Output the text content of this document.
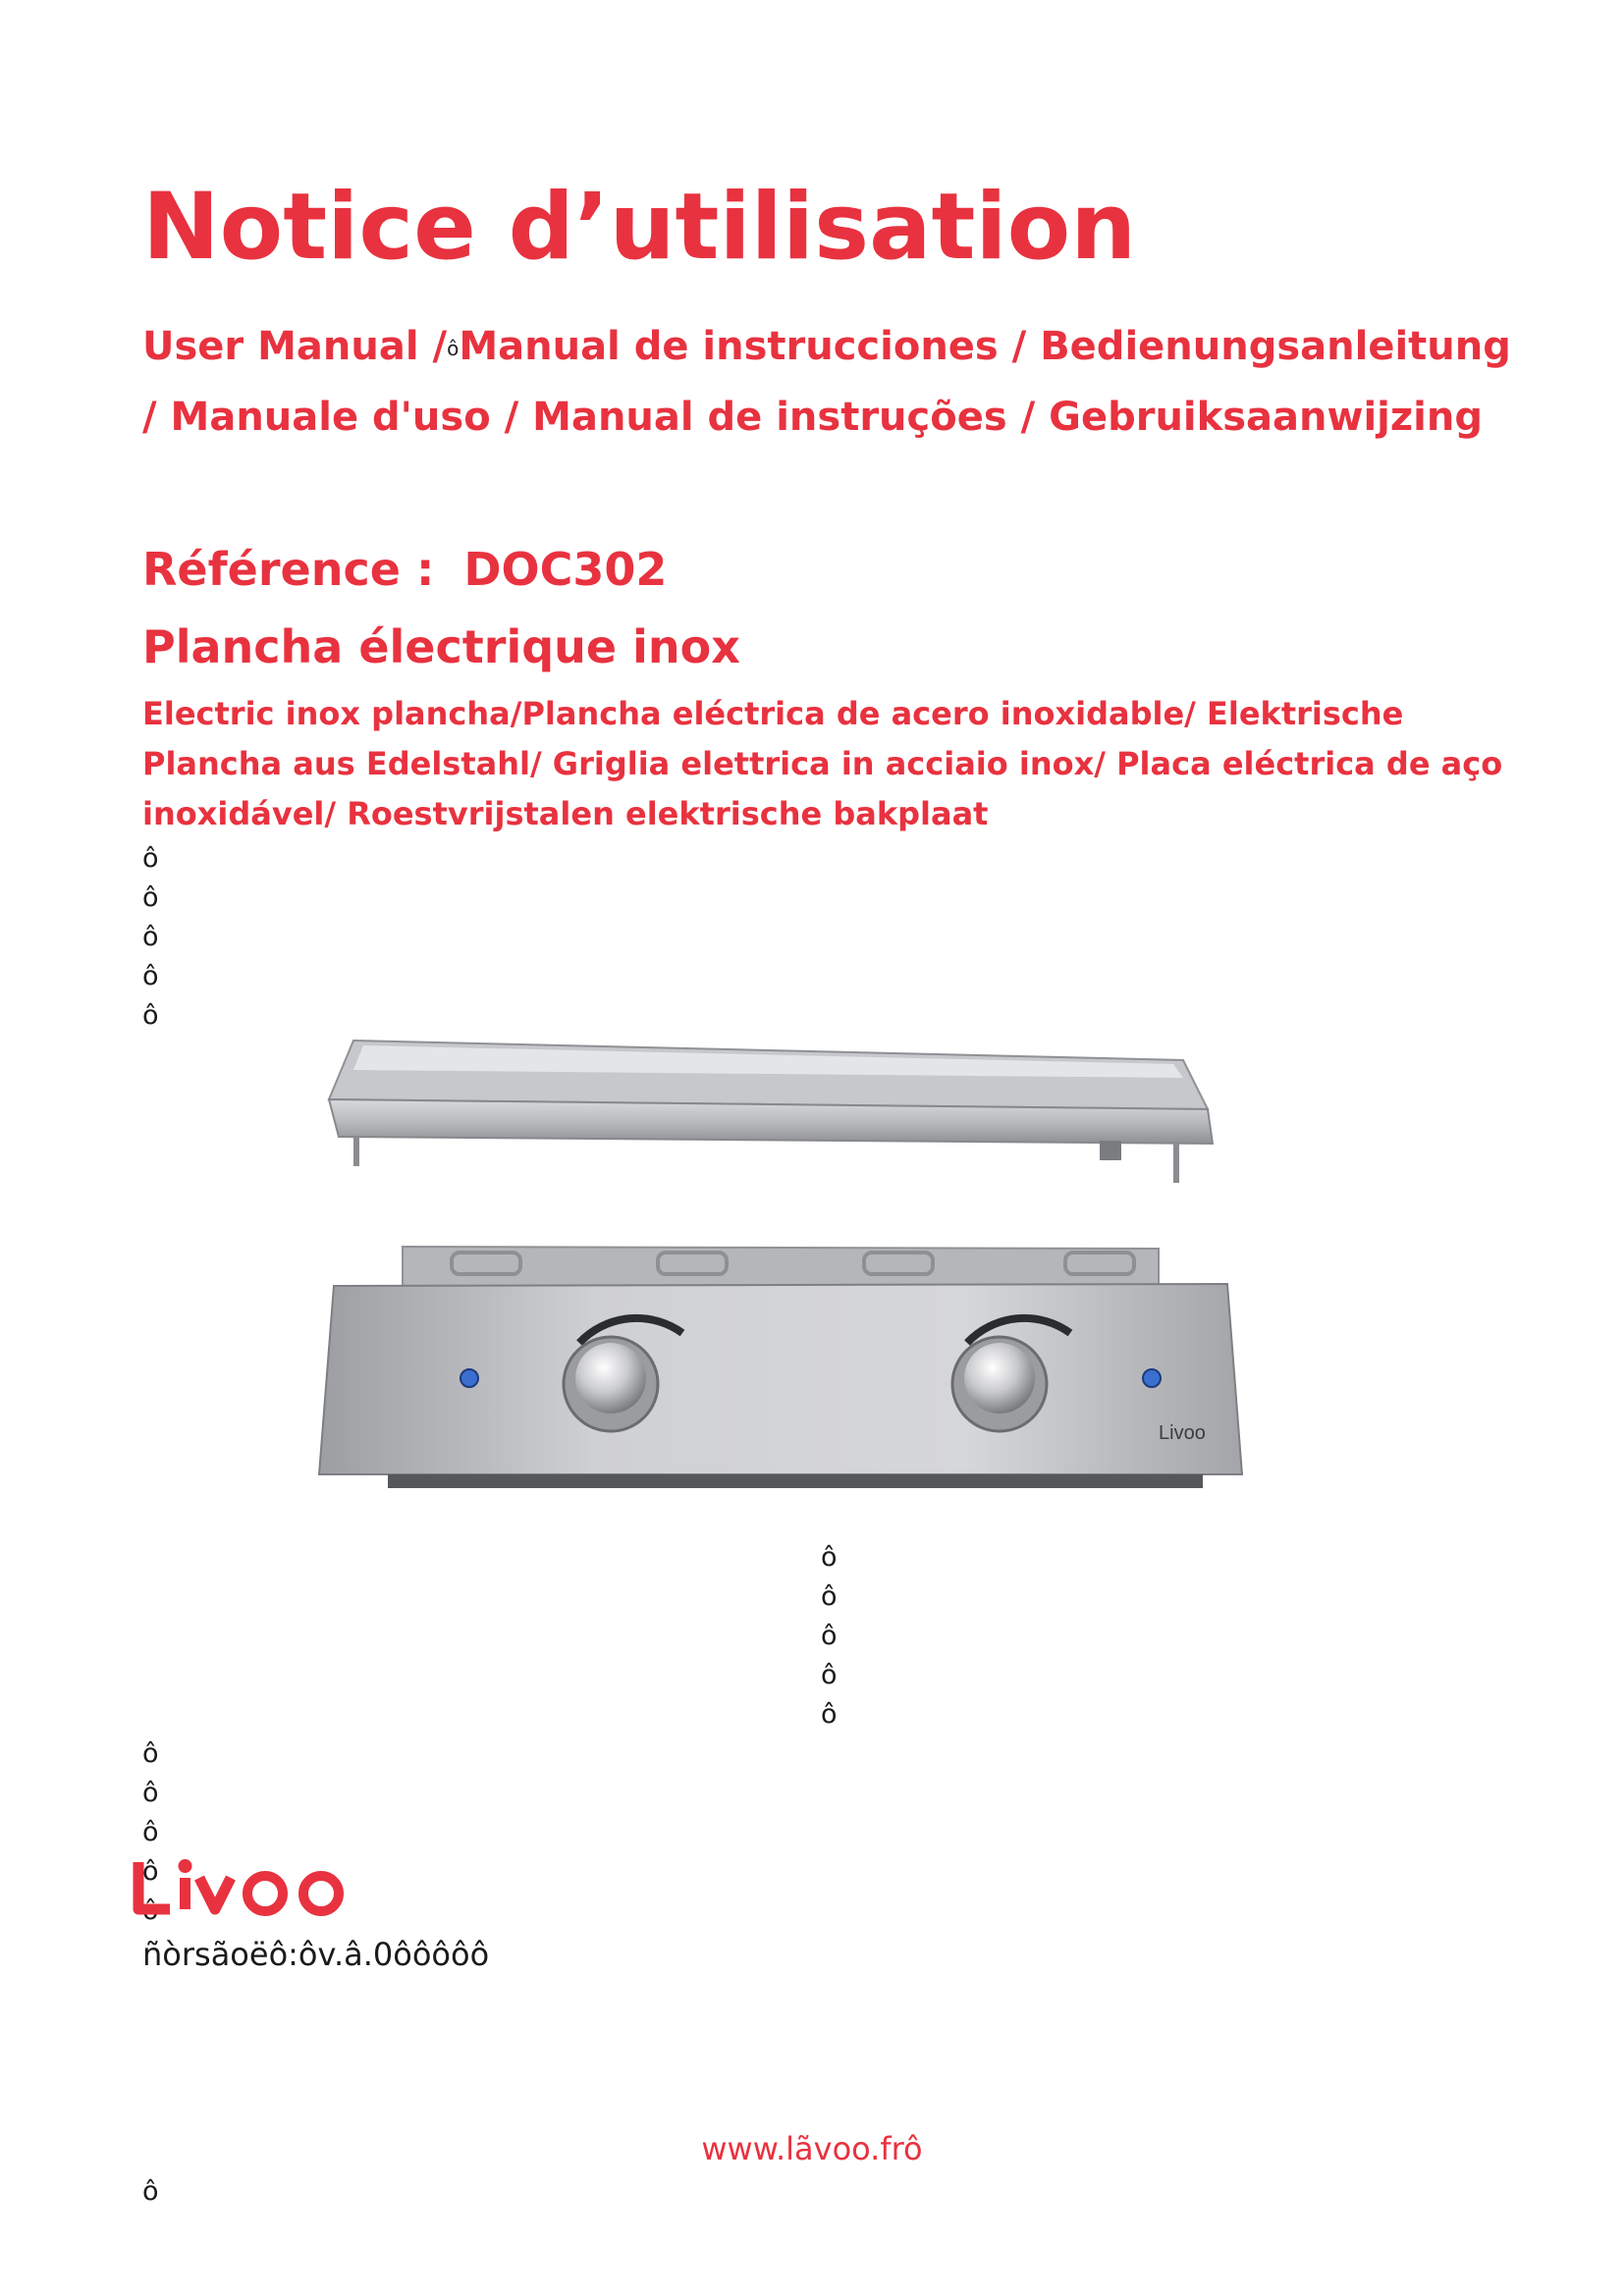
Notice d’utilisation

User Manual /ôManual de instrucciones / Bedienungsanleitung / Manuale d'uso / Manual de instruções / Gebruiksaanwijzing

Référence : DOC302

Plancha électrique inox

Electric inox plancha/Plancha eléctrica de acero inoxidable/ Elektrische Plancha aus Edelstahl/ Griglia elettrica in acciaio inox/ Placa eléctrica de aço inoxidável/ Roestvrijstalen elektrische bakplaat

ô
ô
ô
ô
ô
Livoo
ô
ô
ô
ô
ô
ô
ô
ô
ô
ô

ñòrsãoëô:ôv.â.0ôôôôô

www.lãvoo.frô

ô
